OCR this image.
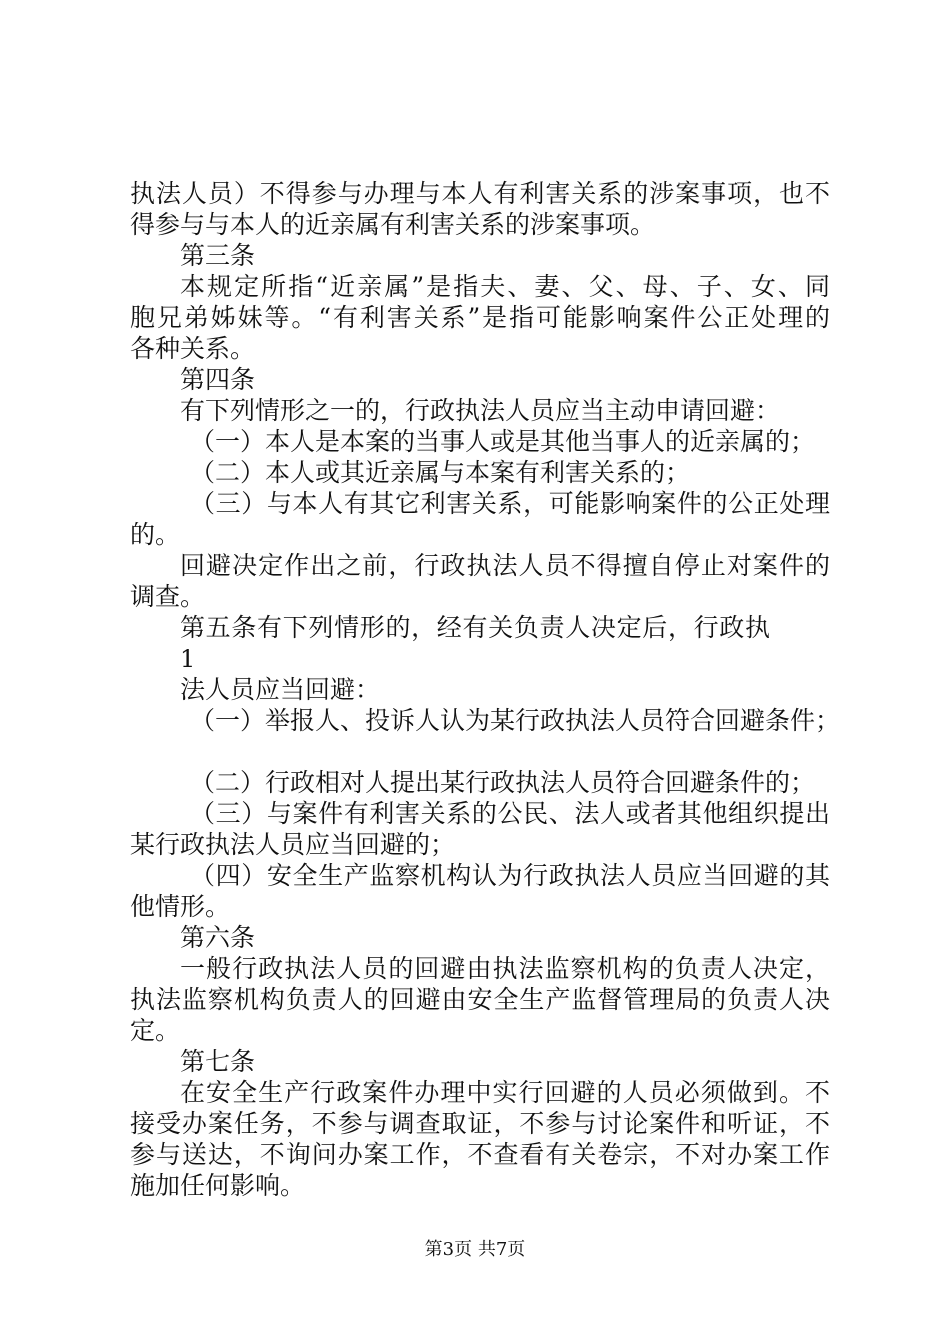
执法人员）不得参与办理与本人有利害关系的涉案事项，也不
得参与与本人的近亲属有利害关系的涉案事项。
第三条
本规定所指“近亲属”是指夫、妻、父、母、子、女、同
胞兄弟姊妹等。“有利害关系”是指可能影响案件公正处理的
各种关系。
第四条
有下列情形之一的，行政执法人员应当主动申请回避：
（一）本人是本案的当事人或是其他当事人的近亲属的；
（二）本人或其近亲属与本案有利害关系的；
（三）与本人有其它利害关系，可能影响案件的公正处理
的。
回避决定作出之前，行政执法人员不得擅自停止对案件的
调查。
第五条有下列情形的，经有关负责人决定后，行政执
1
法人员应当回避：
（一）举报人、投诉人认为某行政执法人员符合回避条件；
（二）行政相对人提出某行政执法人员符合回避条件的；
（三）与案件有利害关系的公民、法人或者其他组织提出
某行政执法人员应当回避的；
（四）安全生产监察机构认为行政执法人员应当回避的其
他情形。
第六条
一般行政执法人员的回避由执法监察机构的负责人决定，
执法监察机构负责人的回避由安全生产监督管理局的负责人决
定。
第七条
在安全生产行政案件办理中实行回避的人员必须做到。不
接受办案任务，不参与调查取证，不参与讨论案件和听证，不
参与送达，不询问办案工作，不查看有关卷宗，不对办案工作
施加任何影响。
第3页 共7页
